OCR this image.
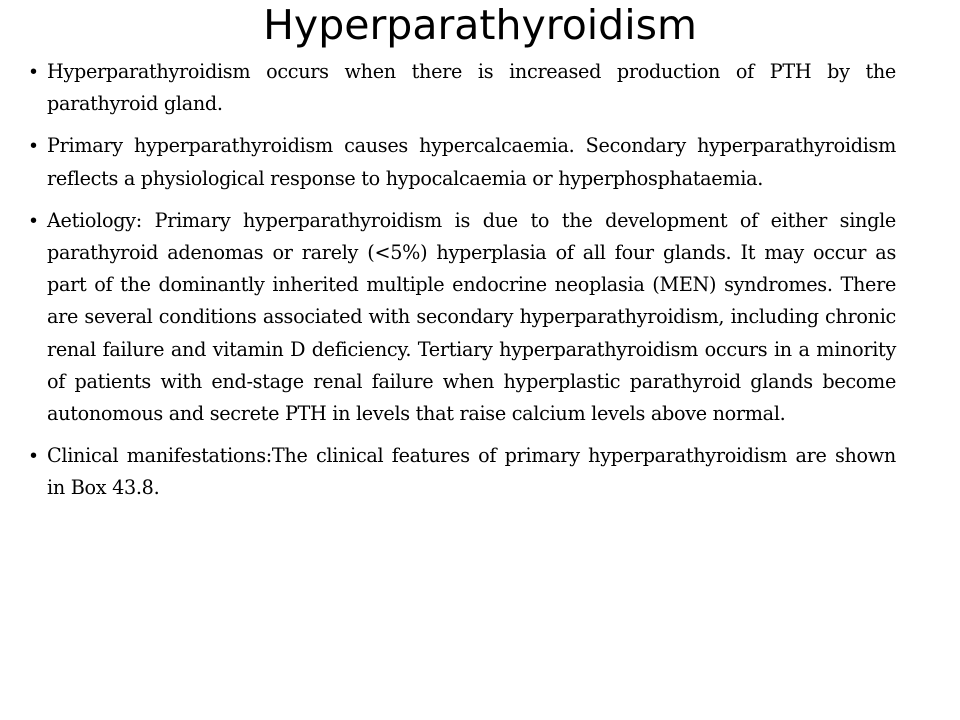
Hyperparathyroidism
• Hyperparathyroidism occurs when there is increased production of PTH by the parathyroid gland.
• Primary hyperparathyroidism causes hypercalcaemia. Secondary hyperparathyroidism reflects a physiological response to hypocalcaemia or hyperphosphataemia.
• Aetiology: Primary hyperparathyroidism is due to the development of either single parathyroid adenomas or rarely (<5%) hyperplasia of all four glands. It may occur as part of the dominantly inherited multiple endocrine neoplasia (MEN) syndromes. There are several conditions associated with secondary hyperparathyroidism, including chronic renal failure and vitamin D deficiency. Tertiary hyperparathyroidism occurs in a minority of patients with end-stage renal failure when hyperplastic parathyroid glands become autonomous and secrete PTH in levels that raise calcium levels above normal.
• Clinical manifestations:The clinical features of primary hyperparathyroidism are shown in Box 43.8.
